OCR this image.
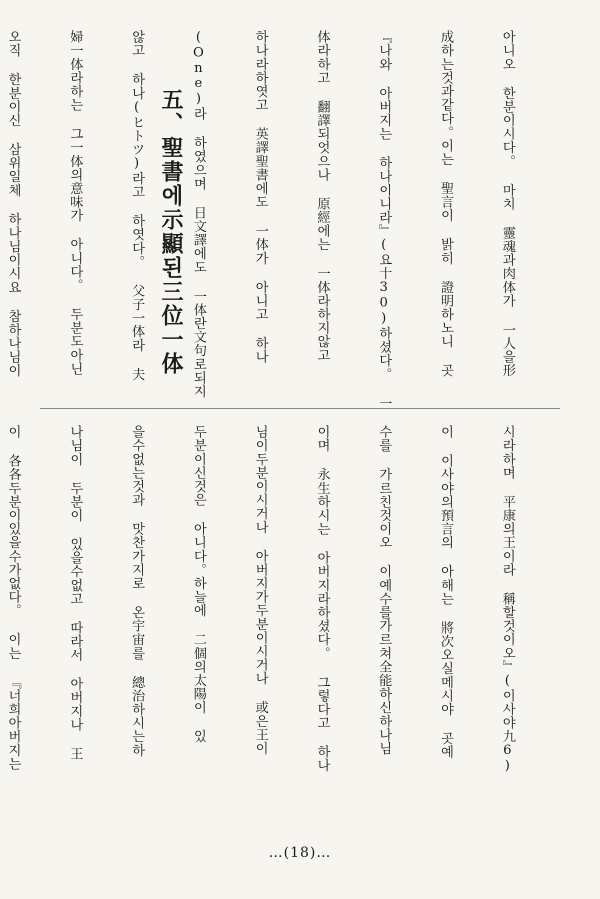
아니오 한분이시다。 마치 靈魂과肉体가 一人을形

成하는것과같다。이는 聖言이 밝히 證明하노니 곳

『나와 아버지는 하나이니라』(요十30)하셨다。 一

体라하고 翻譯되엇으나 原經에는 一体라하지않고

하나라하엿고 英譯聖書에도 一体가 아니고 하나

(One)라 하였으며 日文譯에도 一体란文句로되지

않고 하나(ヒトツ)라고 하엿다。 父子一体라 夫

婦一体라하는 그一体의意味가 아니다。 두분도아닌

오직 한분이신 삼위일체 하나님이시요 참하나님이

	五、聖書에示顯된三位一体

시라하며 平康의王이라 稱할것이오』(이사야九6)

이 이사야의預言의 아해는 將次오실메시야 곳예

수를 가르친것이오 이예수를가르쳐全能하신하나님

이며 永生하시는 아버지라하셨다。 그렇다고 하나

님이두분이시거나 아버지가두분이시거나 或은王이

두분이신것은 아니다。하늘에 二個의太陽이 있

을수없는것과 맛찬가지로 온宇宙를 總治하시는하

나님이 두분이 있을수없고 따라서 아버지나 王

이 各各두분이있을수가없다。 이는 『너희아버지는

…(18)…
